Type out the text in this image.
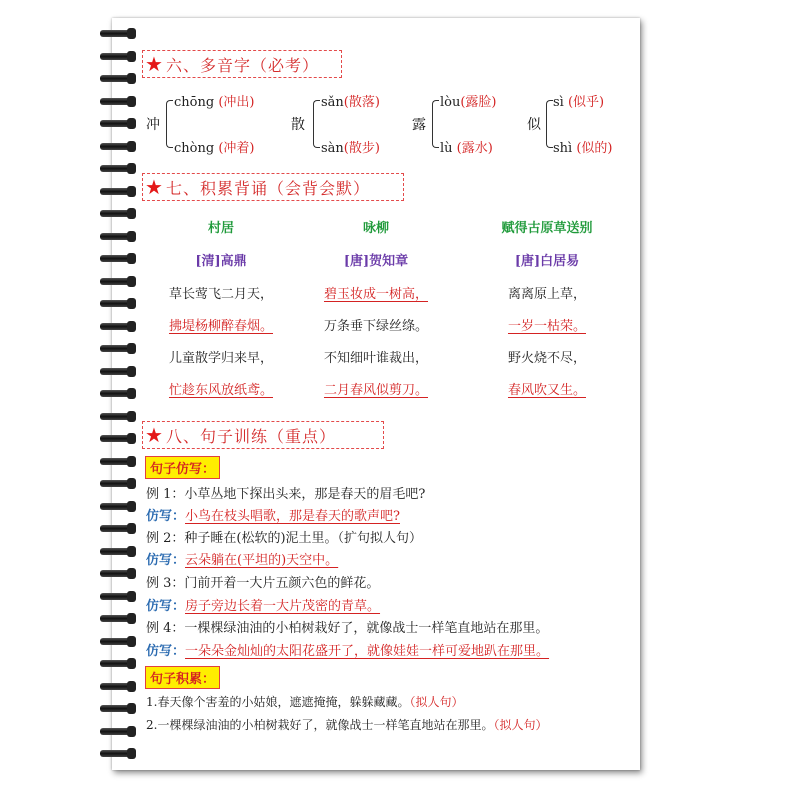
★ 六、多音字（必考）
冲
chōng (冲出)
chòng (冲着)
散
sǎn(散落)
sàn(散步)
露
lòu(露脸)
lù (露水)
似
sì (似乎)
shì (似的)
★ 七、积累背诵（会背会默）
村居
[清]高鼎
草长莺飞二月天，
拂堤杨柳醉春烟。
儿童散学归来早，
忙趁东风放纸鸢。
咏柳
[唐]贺知章
碧玉妆成一树高，
万条垂下绿丝绦。
不知细叶谁裁出，
二月春风似剪刀。
赋得古原草送别
[唐]白居易
离离原上草，
一岁一枯荣。
野火烧不尽，
春风吹又生。
★ 八、句子训练（重点）
句子仿写：
例 1：小草丛地下探出头来，那是春天的眉毛吧?
仿写：小鸟在枝头唱歌，那是春天的歌声吧?
例 2：种子睡在(松软的)泥土里。（扩句拟人句）
仿写：云朵躺在(平坦的)天空中。
例 3：门前开着一大片五颜六色的鲜花。
仿写：房子旁边长着一大片茂密的青草。
例 4：一棵棵绿油油的小柏树栽好了，就像战士一样笔直地站在那里。
仿写：一朵朵金灿灿的太阳花盛开了，就像娃娃一样可爱地趴在那里。
句子积累：
1.春天像个害羞的小姑娘，遮遮掩掩，躲躲藏藏。（拟人句）
2.一棵棵绿油油的小柏树栽好了，就像战士一样笔直地站在那里。（拟人句）
